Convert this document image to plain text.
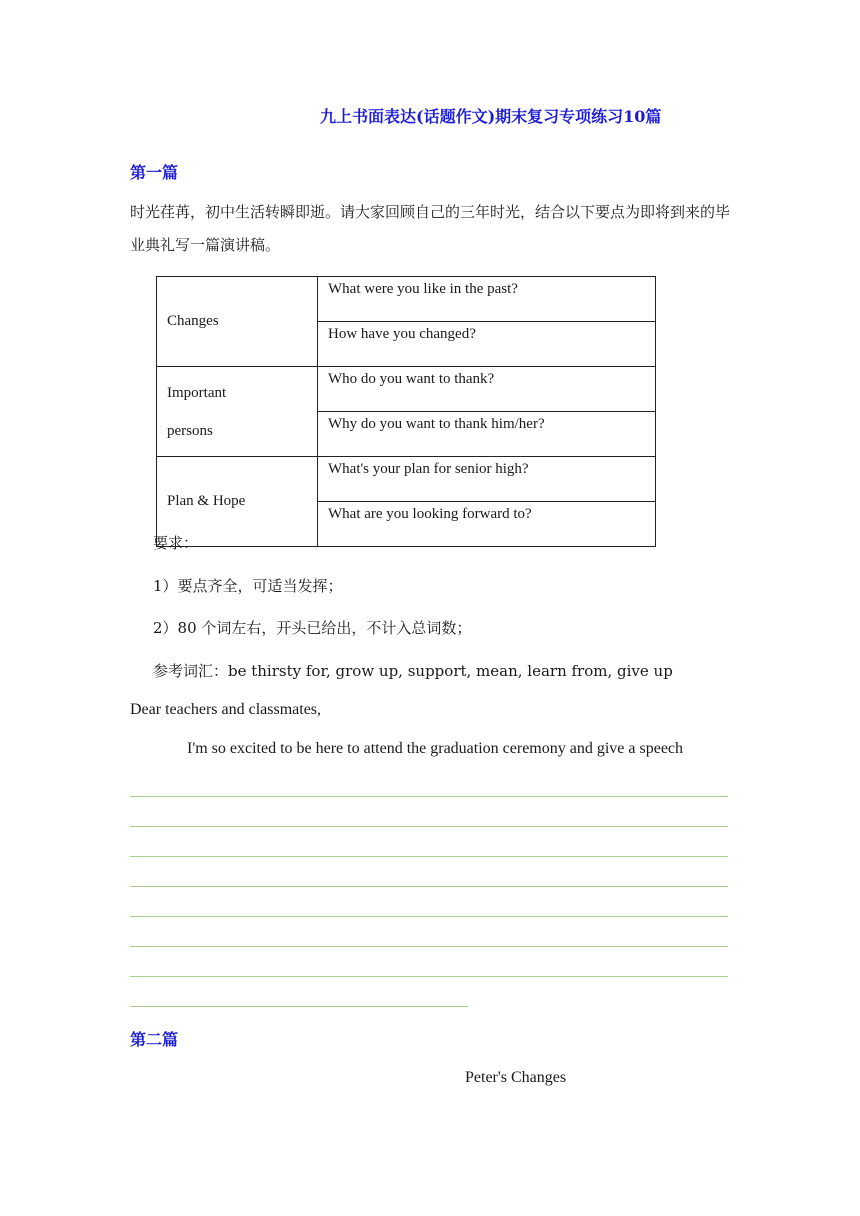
九上书面表达(话题作文)期末复习专项练习10篇
第一篇
时光荏苒，初中生活转瞬即逝。请大家回顾自己的三年时光，结合以下要点为即将到来的毕业典礼写一篇演讲稿。
Changes	What were you like in the past?
	How have you changed?

Important
persons	Who do you want to thank?
	Why do you want to thank him/her?
Plan & Hope	What's your plan for senior high?
	What are you looking forward to?
要求：
1）要点齐全，可适当发挥；
2）80 个词左右，开头已给出，不计入总词数；
参考词汇：be thirsty for, grow up, support, mean, learn from, give up
Dear teachers and classmates,
I'm so excited to be here to attend the graduation ceremony and give a speech
第二篇
Peter's Changes
